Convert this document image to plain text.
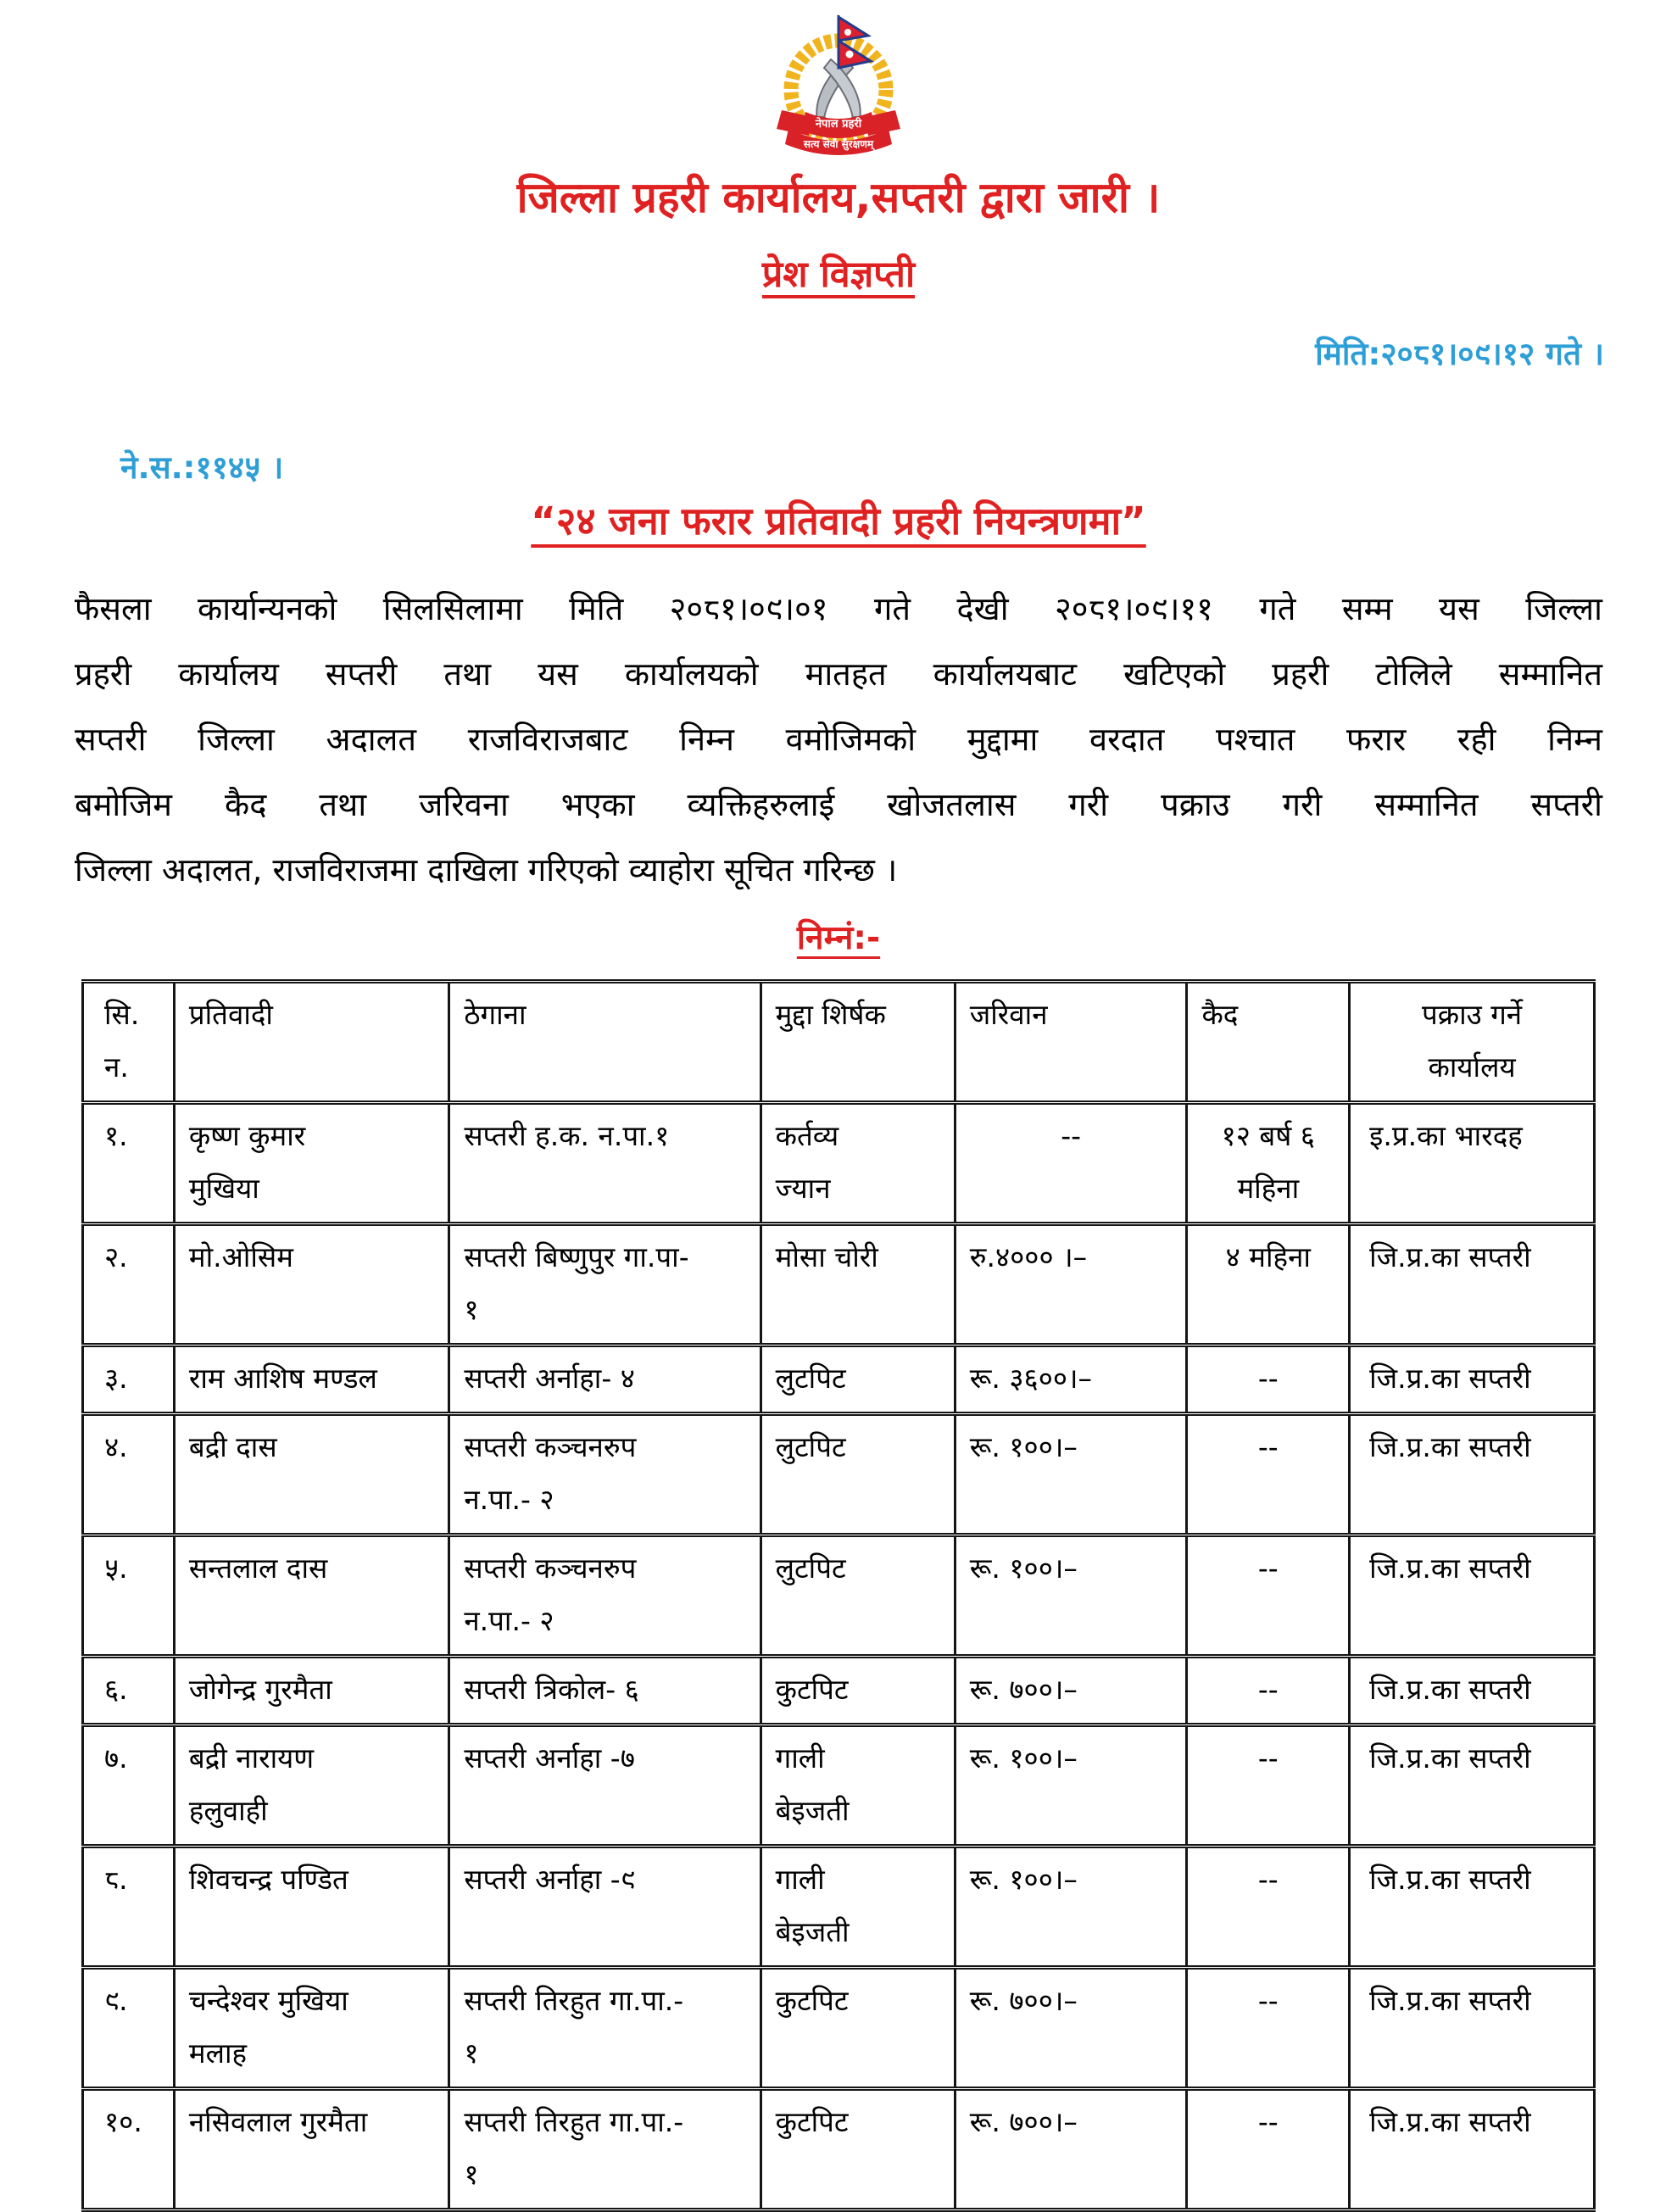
नेपाल प्रहरी
सत्य सेवा सुरक्षणम्
जिल्ला प्रहरी कार्यालय,सप्तरी द्वारा जारी ।
प्रेश विज्ञप्ती
मिति:२०८१।०९।१२ गते ।
ने.स.:११४५ ।
“२४ जना फरार प्रतिवादी प्रहरी नियन्त्रणमा”
फैसला कार्यान्यनको सिलसिलामा मिति २०८१।०९।०१ गते देखी २०८१।०९।११ गते सम्म यस जिल्ला
प्रहरी कार्यालय सप्तरी तथा यस कार्यालयको मातहत कार्यालयबाट खटिएको प्रहरी टोलिले सम्मानित
सप्तरी जिल्ला अदालत राजविराजबाट निम्न वमोजिमको मुद्दामा वरदात पश्चात फरार रही निम्न
बमोजिम कैद तथा जरिवना भएका व्यक्तिहरुलाई खोजतलास गरी पक्राउ गरी सम्मानित सप्तरी
जिल्ला अदालत, राजविराजमा दाखिला गरिएको व्याहोरा सूचित गरिन्छ ।
निम्नं:-
सि.
न.	प्रतिवादी	ठेगाना	मुद्दा शिर्षक	जरिवान	कैद	पक्राउ गर्ने
कार्यालय

१.	कृष्ण कुमार
मुखिया	सप्तरी ह.क. न.पा.१	कर्तव्य
ज्यान	--	१२ बर्ष ६
महिना	इ.प्र.का भारदह

२.	मो.ओसिम	सप्तरी बिष्णुपुर गा.पा-
१	मोसा चोरी	रु.४००० ।–	४ महिना	जि.प्र.का सप्तरी

३.	राम आशिष मण्डल	सप्तरी अर्नाहा- ४	लुटपिट	रू. ३६००।–	--	जि.प्र.का सप्तरी

४.	बद्री दास	सप्तरी कञ्चनरुप
न.पा.- २	लुटपिट	रू. १००।–	--	जि.प्र.का सप्तरी

५.	सन्तलाल दास	सप्तरी कञ्चनरुप
न.पा.- २	लुटपिट	रू. १००।–	--	जि.प्र.का सप्तरी

६.	जोगेन्द्र गुरमैता	सप्तरी त्रिकोल- ६	कुटपिट	रू. ७००।–	--	जि.प्र.का सप्तरी

७.	बद्री नारायण
हलुवाही	सप्तरी अर्नाहा -७	गाली
बेइजती	रू. १००।–	--	जि.प्र.का सप्तरी

८.	शिवचन्द्र पण्डित	सप्तरी अर्नाहा -९	गाली
बेइजती	रू. १००।–	--	जि.प्र.का सप्तरी

९.	चन्देश्वर मुखिया
मलाह	सप्तरी तिरहुत गा.पा.-
१	कुटपिट	रू. ७००।–	--	जि.प्र.का सप्तरी

१०.	नसिवलाल गुरमैता	सप्तरी तिरहुत गा.पा.-
१	कुटपिट	रू. ७००।–	--	जि.प्र.का सप्तरी
